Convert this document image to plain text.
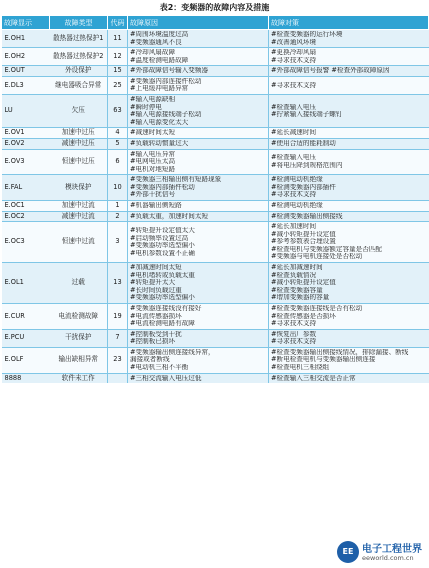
表2：变频器的故障内容及措施
故障显示	故障类型	代码	故障原因	故障对策
E.OH1	散热器过热保护1	11	#周围环境温度过高
#变频器通风不良	#检查变频器的运行环境
#改善通风环境

E.OH2	散热器过热保护2	12	#冷却风扇故障
#温度检测电路故障	#更换冷却风扇
#寻求技术支持

E.OUT	外设保护	15	#外部故障信号输入变频器	#外部故障信号报警 #检查外部故障原因

E.DL3	继电器吸合异常	25	#变频器内部连接件松动
#上电缓冲电路异常	#寻求技术支持

LU	欠压	63	#输入电源缺相
#瞬时停电
#输入电源接线端子松动
#输入电源变化太大	#检查输入电压
#拧紧输入接线端子螺钉

E.OV1	加速中过压	4	#减速时间太短	#延长减速时间

E.OV2	减速中过压	5	#负载转动惯量过大	#使用合适的能耗制动

E.OV3	恒速中过压	6	#输入电压异常
#电网电压太高
#电机对地短路	#检查输入电压
#将电压降到规格范围内

E.FAL	模块保护	10	#变频器三相输出侧有短路现象
#变频器内部插件松动
#外部干扰信号	#检测电动机绝缘
#检测变频器内部插件
#寻求技术支持

E.OC1	加速中过流	1	#机器输出侧短路	#检测电动机绝缘

E.OC2	减速中过流	2	#负载太重，加速时间太短	#检测变频器输出侧接线

E.OC3	恒速中过流	3	#转矩提升设定值太大
#启动频率设置过高
#变频器功率选型偏小
#电机参数设置不正确	#延长加速时间
#减小转矩提升设定值
#参考参数表合理设置
#检查电机与变频器额定容量是否匹配
#变频器与电机连接处是否松动

E.OL1	过载	13	#加减速时间太短
#电机堵转或负载太重
#转矩提升太大
#长时间负载过重
#变频器功率选型偏小	#延长加减速时间
#检查负载情况
#减小转矩提升设定值
#检查变频器容量
#增加变频器的容量

E.CUR	电流检测故障	19	#变频器连接线没有接好
#电流传感器损坏
#电流检测电路有故障	#检查变频器连接线是否有松动
#检查传感器是否损坏
#寻求技术支持

E.PCU	干扰保护	7	#控制板受到干扰
#控制板已损坏	#恢复出厂参数
#寻求技术支持

E.OLF	输出缺相异常	23	#变频器输出侧连接线异常，
漏接或者断线
#电动机三相不平衡	#检查变频器输出侧接线情况，排除漏接、断线
#断电检查电机与变频器输出侧连接
#检查电机三相绕组

8888	软件未工作		#三相交流输入电压过低	#检查输入三相交流是否正常
EE 电子工程世界
eeworld.com.cn
